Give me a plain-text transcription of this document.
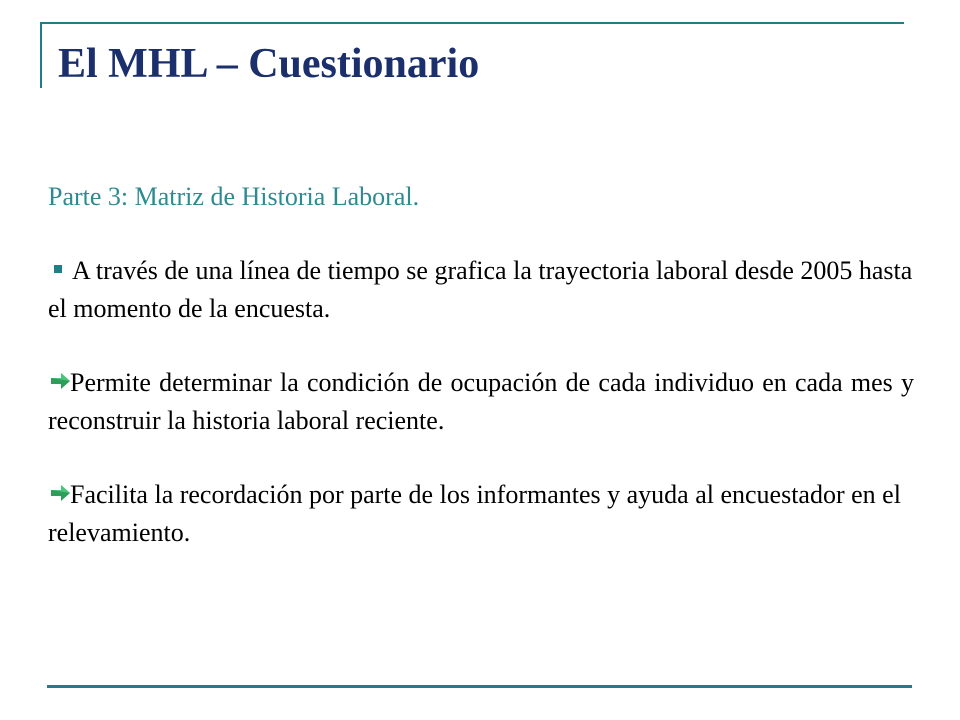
El MHL – Cuestionario

Parte 3: Matriz de Historia Laboral.

A través de una línea de tiempo se grafica la trayectoria laboral desde 2005 hasta el momento de la encuesta.

Permite determinar la condición de ocupación de cada individuo en cada mes y reconstruir la historia laboral reciente.

Facilita la recordación por parte de los informantes y ayuda al encuestador en el relevamiento.
